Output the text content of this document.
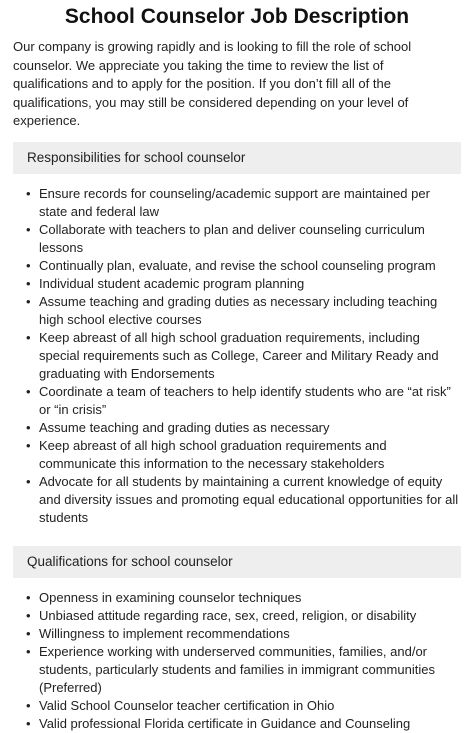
School Counselor Job Description

Our company is growing rapidly and is looking to fill the role of school counselor. We appreciate you taking the time to review the list of qualifications and to apply for the position. If you don’t fill all of the qualifications, you may still be considered depending on your level of experience.

Responsibilities for school counselor
• Ensure records for counseling/academic support are maintained per state and federal law
• Collaborate with teachers to plan and deliver counseling curriculum lessons
• Continually plan, evaluate, and revise the school counseling program
• Individual student academic program planning
• Assume teaching and grading duties as necessary including teaching high school elective courses
• Keep abreast of all high school graduation requirements, including special requirements such as College, Career and Military Ready and graduating with Endorsements
• Coordinate a team of teachers to help identify students who are “at risk” or “in crisis”
• Assume teaching and grading duties as necessary
• Keep abreast of all high school graduation requirements and communicate this information to the necessary stakeholders
• Advocate for all students by maintaining a current knowledge of equity and diversity issues and promoting equal educational opportunities for all students
Qualifications for school counselor
• Openness in examining counselor techniques
• Unbiased attitude regarding race, sex, creed, religion, or disability
• Willingness to implement recommendations
• Experience working with underserved communities, families, and/or students, particularly students and families in immigrant communities (Preferred)
• Valid School Counselor teacher certification in Ohio
• Valid professional Florida certificate in Guidance and Counseling
